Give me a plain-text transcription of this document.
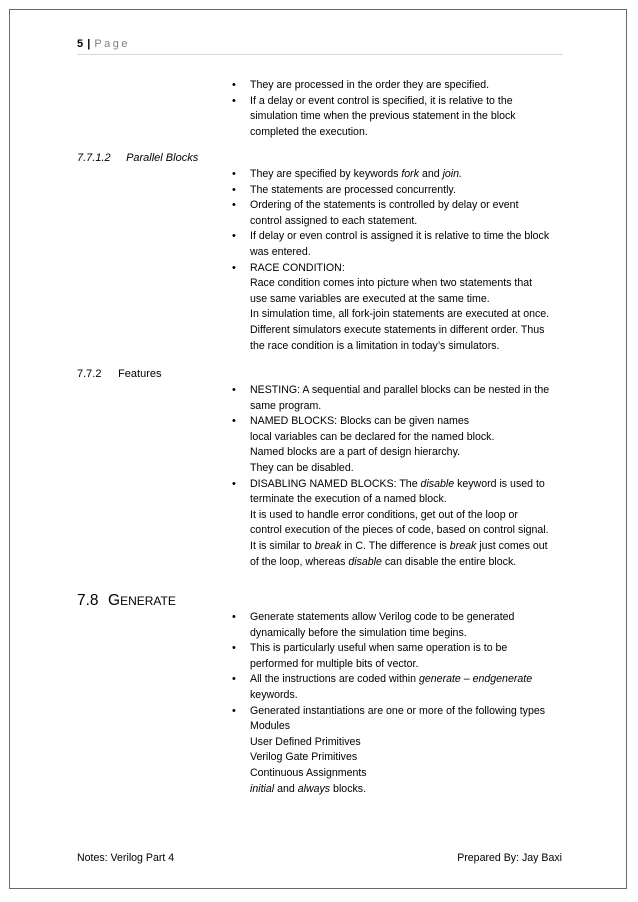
5 | Page
• They are processed in the order they are specified.
• If a delay or event control is specified, it is relative to the
simulation time when the previous statement in the block
completed the execution.
7.7.1.2 Parallel Blocks
• They are specified by keywords fork and join.
• The statements are processed concurrently.
• Ordering of the statements is controlled by delay or event
control assigned to each statement.
• If delay or even control is assigned it is relative to time the block
was entered.
• RACE CONDITION:
Race condition comes into picture when two statements that
use same variables are executed at the same time.
In simulation time, all fork-join statements are executed at once.
Different simulators execute statements in different order. Thus
the race condition is a limitation in today’s simulators.
7.7.2 Features
• NESTING: A sequential and parallel blocks can be nested in the
same program.
• NAMED BLOCKS: Blocks can be given names
local variables can be declared for the named block.
Named blocks are a part of design hierarchy.
They can be disabled.
• DISABLING NAMED BLOCKS: The disable keyword is used to
terminate the execution of a named block.
It is used to handle error conditions, get out of the loop or
control execution of the pieces of code, based on control signal.
It is similar to break in C. The difference is break just comes out
of the loop, whereas disable can disable the entire block.
7.8 GENERATE
• Generate statements allow Verilog code to be generated
dynamically before the simulation time begins.
• This is particularly useful when same operation is to be
performed for multiple bits of vector.
• All the instructions are coded within generate – endgenerate
keywords.
• Generated instantiations are one or more of the following types
Modules
User Defined Primitives
Verilog Gate Primitives
Continuous Assignments
initial and always blocks.
Notes: Verilog Part 4	Prepared By: Jay Baxi
